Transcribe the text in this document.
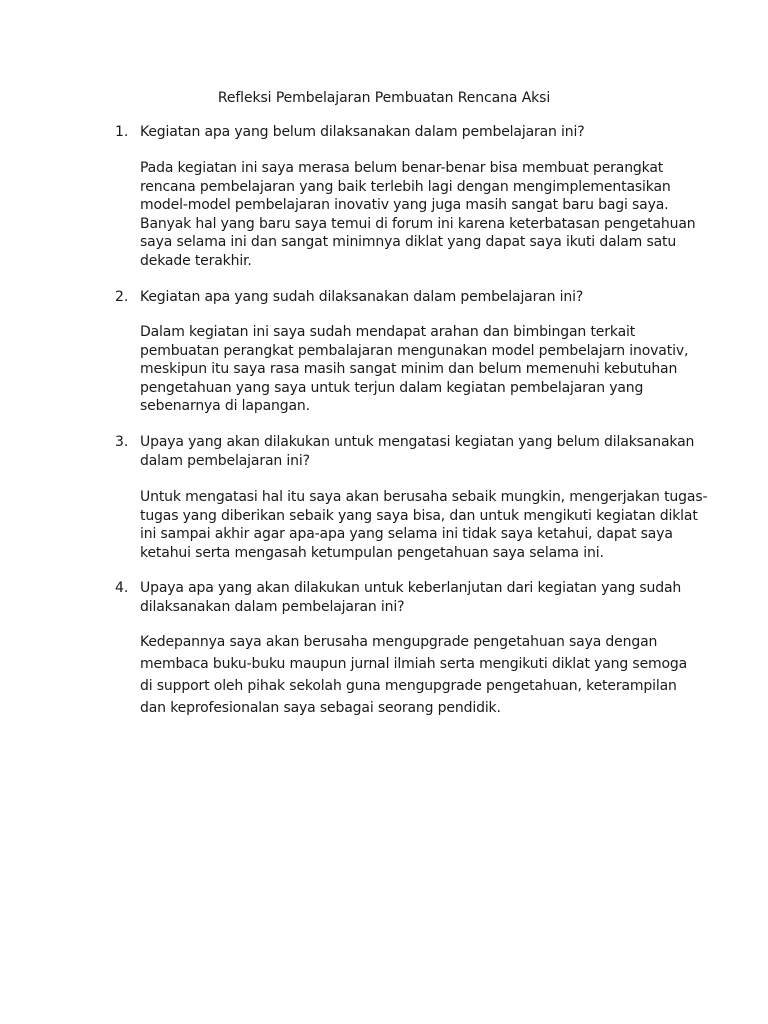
Refleksi Pembelajaran Pembuatan Rencana Aksi
1. Kegiatan apa yang belum dilaksanakan dalam pembelajaran ini?
Pada kegiatan ini saya merasa belum benar-benar bisa membuat perangkat
rencana pembelajaran yang baik terlebih lagi dengan mengimplementasikan
model-model pembelajaran inovativ yang juga masih sangat baru bagi saya.
Banyak hal yang baru saya temui di forum ini karena keterbatasan pengetahuan
saya selama ini dan sangat minimnya diklat yang dapat saya ikuti dalam satu
dekade terakhir.
2. Kegiatan apa yang sudah dilaksanakan dalam pembelajaran ini?
Dalam kegiatan ini saya sudah mendapat arahan dan bimbingan terkait
pembuatan perangkat pembalajaran mengunakan model pembelajarn inovativ,
meskipun itu saya rasa masih sangat minim dan belum memenuhi kebutuhan
pengetahuan yang saya untuk terjun dalam kegiatan pembelajaran yang
sebenarnya di lapangan.
3. Upaya yang akan dilakukan untuk mengatasi kegiatan yang belum dilaksanakan
dalam pembelajaran ini?
Untuk mengatasi hal itu saya akan berusaha sebaik mungkin, mengerjakan tugas-
tugas yang diberikan sebaik yang saya bisa, dan untuk mengikuti kegiatan diklat
ini sampai akhir agar apa-apa yang selama ini tidak saya ketahui, dapat saya
ketahui serta mengasah ketumpulan pengetahuan saya selama ini.
4. Upaya apa yang akan dilakukan untuk keberlanjutan dari kegiatan yang sudah
dilaksanakan dalam pembelajaran ini?
Kedepannya saya akan berusaha mengupgrade pengetahuan saya dengan
membaca buku-buku maupun jurnal ilmiah serta mengikuti diklat yang semoga
di support oleh pihak sekolah guna mengupgrade pengetahuan, keterampilan
dan keprofesionalan saya sebagai seorang pendidik.
